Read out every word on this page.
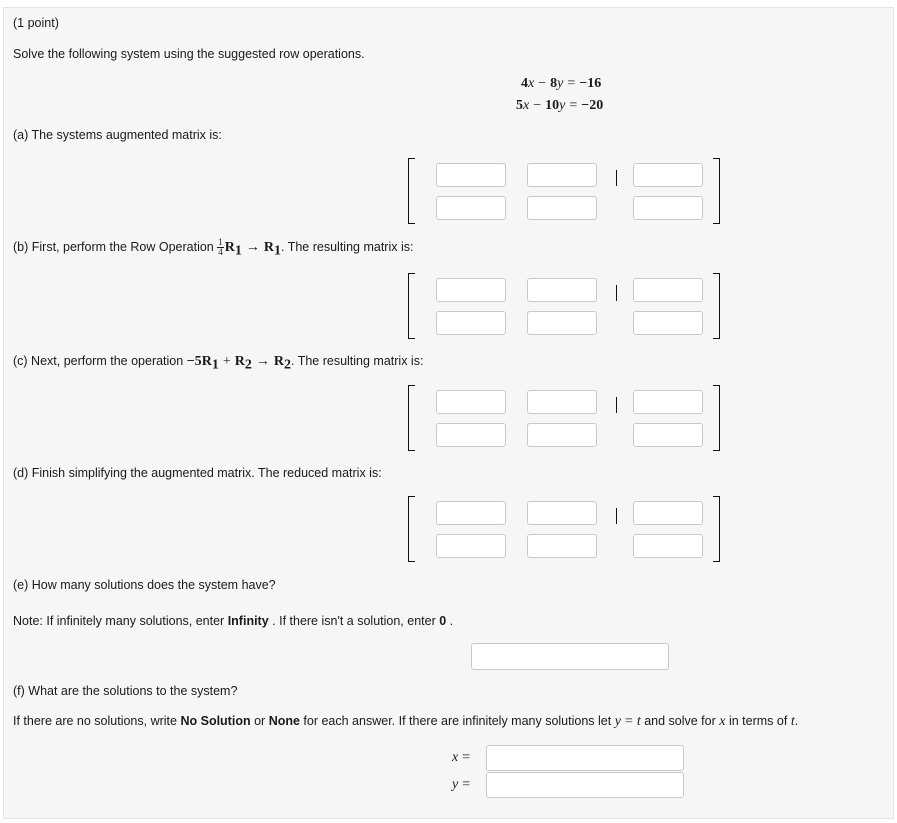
(1 point)
Solve the following system using the suggested row operations.
4x − 8y = −16
5x − 10y = −20
(a) The systems augmented matrix is:
(b) First, perform the Row Operation $\frac{1}{4} R_1 \to R_1$. The resulting matrix is:
(c) Next, perform the operation $-5R_1 + R_2 \to R_2$. The resulting matrix is:
(d) Finish simplifying the augmented matrix. The reduced matrix is:
(e) How many solutions does the system have?
Note: If infinitely many solutions, enter Infinity . If there isn't a solution, enter 0 .
(f) What are the solutions to the system?
If there are no solutions, write No Solution or None for each answer. If there are infinitely many solutions let y = t and solve for x in terms of t.
x =
y =
